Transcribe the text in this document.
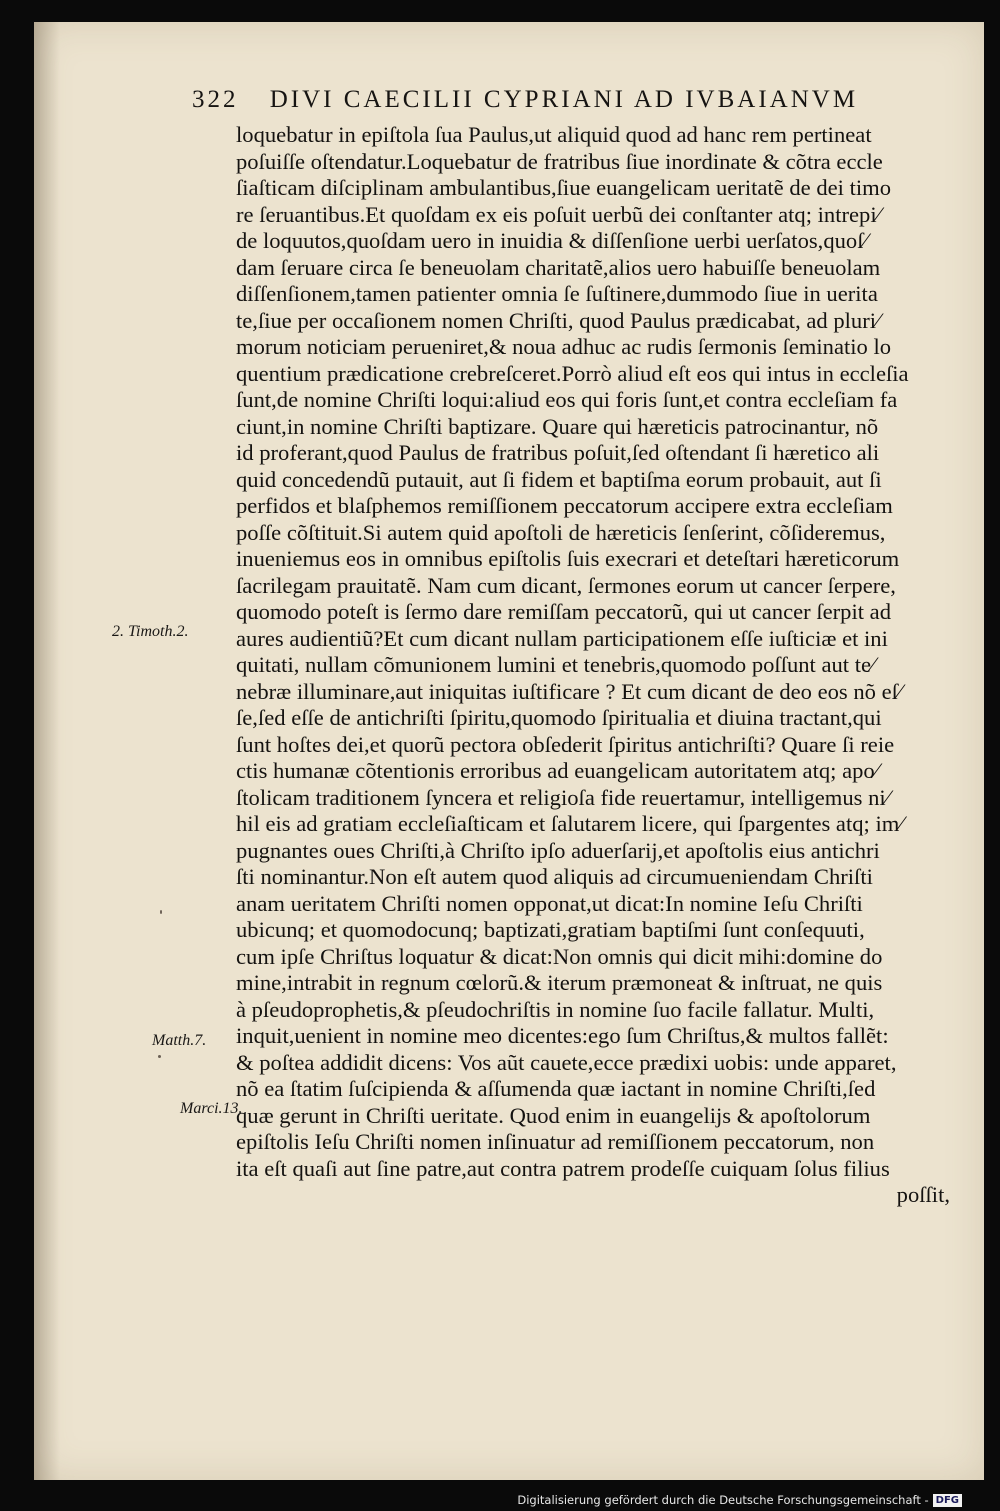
322 DIVI CAECILII CYPRIANI AD IVBAIANVM
loquebatur in epiſtola ſua Paulus,ut aliquid quod ad hanc rem pertineat
poſuiſſe oſtendatur.Loquebatur de fratribus ſiue inordinate & cõtra eccle
ſiaſticam diſciplinam ambulantibus,ſiue euangelicam ueritatẽ de dei timo
re ſeruantibus.Et quoſdam ex eis poſuit uerbũ dei conſtanter atq; intrepi⁄
de loquutos,quoſdam uero in inuidia & diſſenſione uerbi uerſatos,quoſ⁄
dam ſeruare circa ſe beneuolam charitatẽ,alios uero habuiſſe beneuolam
diſſenſionem,tamen patienter omnia ſe ſuſtinere,dummodo ſiue in uerita
te,ſiue per occaſionem nomen Chriſti, quod Paulus prædicabat, ad pluri⁄
morum noticiam perueniret,& noua adhuc ac rudis ſermonis ſeminatio lo
quentium prædicatione crebreſceret.Porrò aliud eſt eos qui intus in eccleſia
ſunt,de nomine Chriſti loqui:aliud eos qui foris ſunt,et contra eccleſiam fa
ciunt,in nomine Chriſti baptizare. Quare qui hæreticis patrocinantur, nõ
id proferant,quod Paulus de fratribus poſuit,ſed oſtendant ſi hæretico ali
quid concedendũ putauit, aut ſi fidem et baptiſma eorum probauit, aut ſi
perfidos et blaſphemos remiſſionem peccatorum accipere extra eccleſiam
poſſe cõſtituit.Si autem quid apoſtoli de hæreticis ſenſerint, cõſideremus,
inueniemus eos in omnibus epiſtolis ſuis execrari et deteſtari hæreticorum
ſacrilegam prauitatẽ. Nam cum dicant, ſermones eorum ut cancer ſerpere,
quomodo poteſt is ſermo dare remiſſam peccatorũ, qui ut cancer ſerpit ad
aures audientiũ?Et cum dicant nullam participationem eſſe iuſticiæ et ini
quitati, nullam cõmunionem lumini et tenebris,quomodo poſſunt aut te⁄
nebræ illuminare,aut iniquitas iuſtificare ? Et cum dicant de deo eos nõ eſ⁄
ſe,ſed eſſe de antichriſti ſpiritu,quomodo ſpiritualia et diuina tractant,qui
ſunt hoſtes dei,et quorũ pectora obſederit ſpiritus antichriſti? Quare ſi reie
ctis humanæ cõtentionis erroribus ad euangelicam autoritatem atq; apo⁄
ſtolicam traditionem ſyncera et religioſa fide reuertamur, intelligemus ni⁄
hil eis ad gratiam eccleſiaſticam et ſalutarem licere, qui ſpargentes atq; im⁄
pugnantes oues Chriſti,à Chriſto ipſo aduerſarij,et apoſtolis eius antichri
ſti nominantur.Non eſt autem quod aliquis ad circumueniendam Chriſti
anam ueritatem Chriſti nomen opponat,ut dicat:In nomine Ieſu Chriſti
ubicunq; et quomodocunq; baptizati,gratiam baptiſmi ſunt conſequuti,
cum ipſe Chriſtus loquatur & dicat:Non omnis qui dicit mihi:domine do
mine,intrabit in regnum cœlorũ.& iterum præmoneat & inſtruat, ne quis
à pſeudoprophetis,& pſeudochriſtis in nomine ſuo facile fallatur. Multi,
inquit,uenient in nomine meo dicentes:ego ſum Chriſtus,& multos fallẽt:
& poſtea addidit dicens: Vos aũt cauete,ecce prædixi uobis: unde apparet,
nõ ea ſtatim ſuſcipienda & aſſumenda quæ iactant in nomine Chriſti,ſed
quæ gerunt in Chriſti ueritate. Quod enim in euangelijs & apoſtolorum
epiſtolis Ieſu Chriſti nomen inſinuatur ad remiſſionem peccatorum, non
ita eſt quaſi aut ſine patre,aut contra patrem prodeſſe cuiquam ſolus filius
poſſit,
2. Timoth.2.
Matth.7.
Marci.13.
Digitalisierung gefördert durch die Deutsche Forschungsgemeinschaft - DFG
